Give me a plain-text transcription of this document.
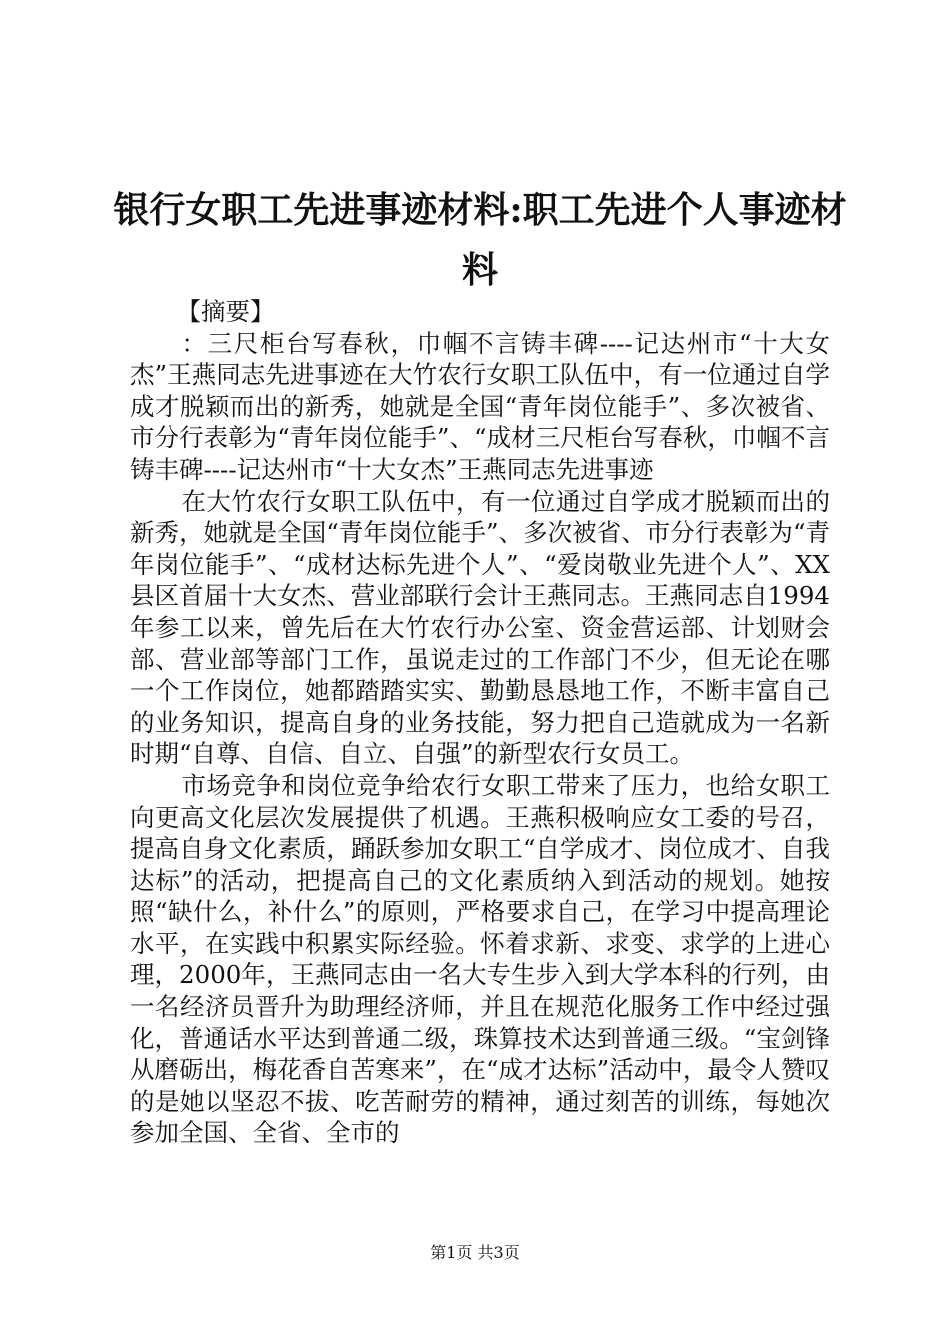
银行女职工先进事迹材料:职工先进个人事迹材料

【摘要】

：三尺柜台写春秋，巾帼不言铸丰碑----记达州市“十大女杰”王燕同志先进事迹在大竹农行女职工队伍中，有一位通过自学成才脱颖而出的新秀，她就是全国“青年岗位能手”、多次被省、市分行表彰为“青年岗位能手”、“成材三尺柜台写春秋，巾帼不言铸丰碑----记达州市“十大女杰”王燕同志先进事迹

在大竹农行女职工队伍中，有一位通过自学成才脱颖而出的新秀，她就是全国“青年岗位能手”、多次被省、市分行表彰为“青年岗位能手”、“成材达标先进个人”、“爱岗敬业先进个人”、XX县区首届十大女杰、营业部联行会计王燕同志。王燕同志自1994年参工以来，曾先后在大竹农行办公室、资金营运部、计划财会部、营业部等部门工作，虽说走过的工作部门不少，但无论在哪一个工作岗位，她都踏踏实实、勤勤恳恳地工作，不断丰富自己的业务知识，提高自身的业务技能，努力把自己造就成为一名新时期“自尊、自信、自立、自强”的新型农行女员工。

市场竞争和岗位竞争给农行女职工带来了压力，也给女职工向更高文化层次发展提供了机遇。王燕积极响应女工委的号召，提高自身文化素质，踊跃参加女职工“自学成才、岗位成才、自我达标”的活动，把提高自己的文化素质纳入到活动的规划。她按照“缺什么，补什么”的原则，严格要求自己，在学习中提高理论水平，在实践中积累实际经验。怀着求新、求变、求学的上进心理，2000年，王燕同志由一名大专生步入到大学本科的行列，由一名经济员晋升为助理经济师，并且在规范化服务工作中经过强化，普通话水平达到普通二级，珠算技术达到普通三级。“宝剑锋从磨砺出，梅花香自苦寒来”，在“成才达标”活动中，最令人赞叹的是她以坚忍不拔、吃苦耐劳的精神，通过刻苦的训练，每她次参加全国、全省、全市的

第1页 共3页
